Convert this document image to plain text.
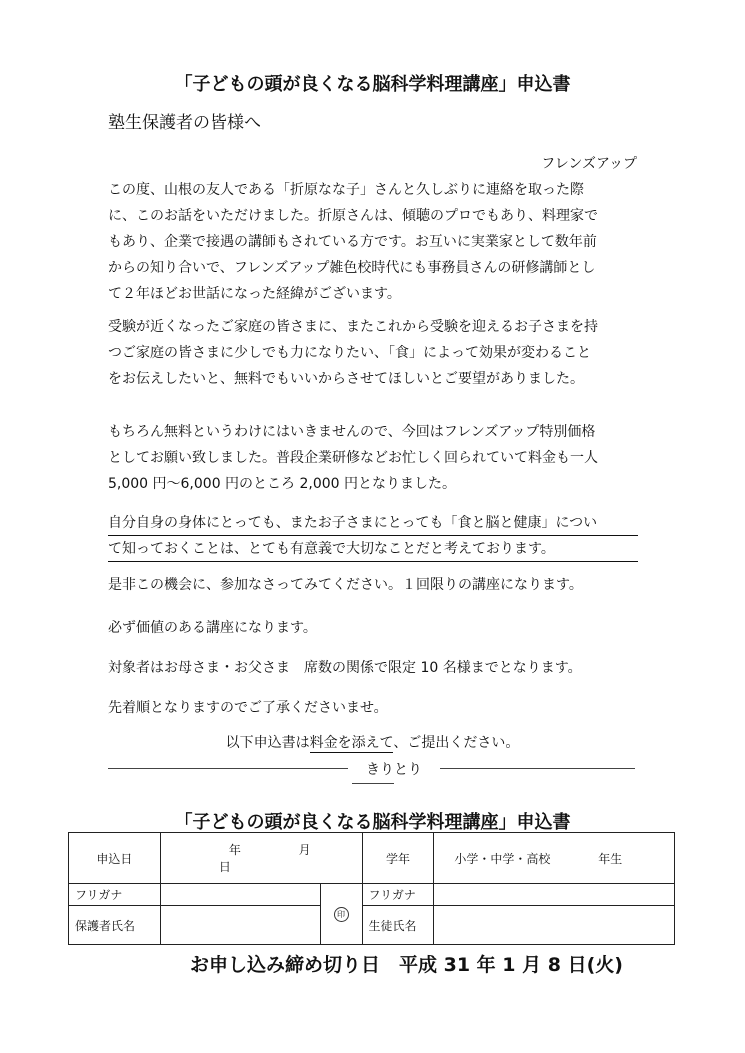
「子どもの頭が良くなる脳科学料理講座」申込書
塾生保護者の皆様へ
フレンズアップ
この度、山根の友人である「折原なな子」さんと久しぶりに連絡を取った際
に、このお話をいただけました。折原さんは、傾聴のプロでもあり、料理家で
もあり、企業で接遇の講師もされている方です。お互いに実業家として数年前
からの知り合いで、フレンズアップ雑色校時代にも事務員さんの研修講師とし
て２年ほどお世話になった経緯がございます。
受験が近くなったご家庭の皆さまに、またこれから受験を迎えるお子さまを持
つご家庭の皆さまに少しでも力になりたい、「食」によって効果が変わること
をお伝えしたいと、無料でもいいからさせてほしいとご要望がありました。
もちろん無料というわけにはいきませんので、今回はフレンズアップ特別価格
としてお願い致しました。普段企業研修などお忙しく回られていて料金も一人
5,000 円～6,000 円のところ 2,000 円となりました。
自分自身の身体にとっても、またお子さまにとっても「食と脳と健康」につい
て知っておくことは、とても有意義で大切なことだと考えております。
是非この機会に、参加なさってみてください。１回限りの講座になります。
必ず価値のある講座になります。
対象者はお母さま・お父さま　席数の関係で限定 10 名様までとなります。
先着順となりますのでご了承くださいませ。
以下申込書は料金を添えて、ご提出ください。
きりとり
「子どもの頭が良くなる脳科学料理講座」申込書
申込日	年 月 日		学年	小学・中学・高校 年生
フリガナ		印	フリガナ	
保護者氏名			生徒氏名	
お申し込み締め切り日　平成 31 年 1 月 8 日(火)
